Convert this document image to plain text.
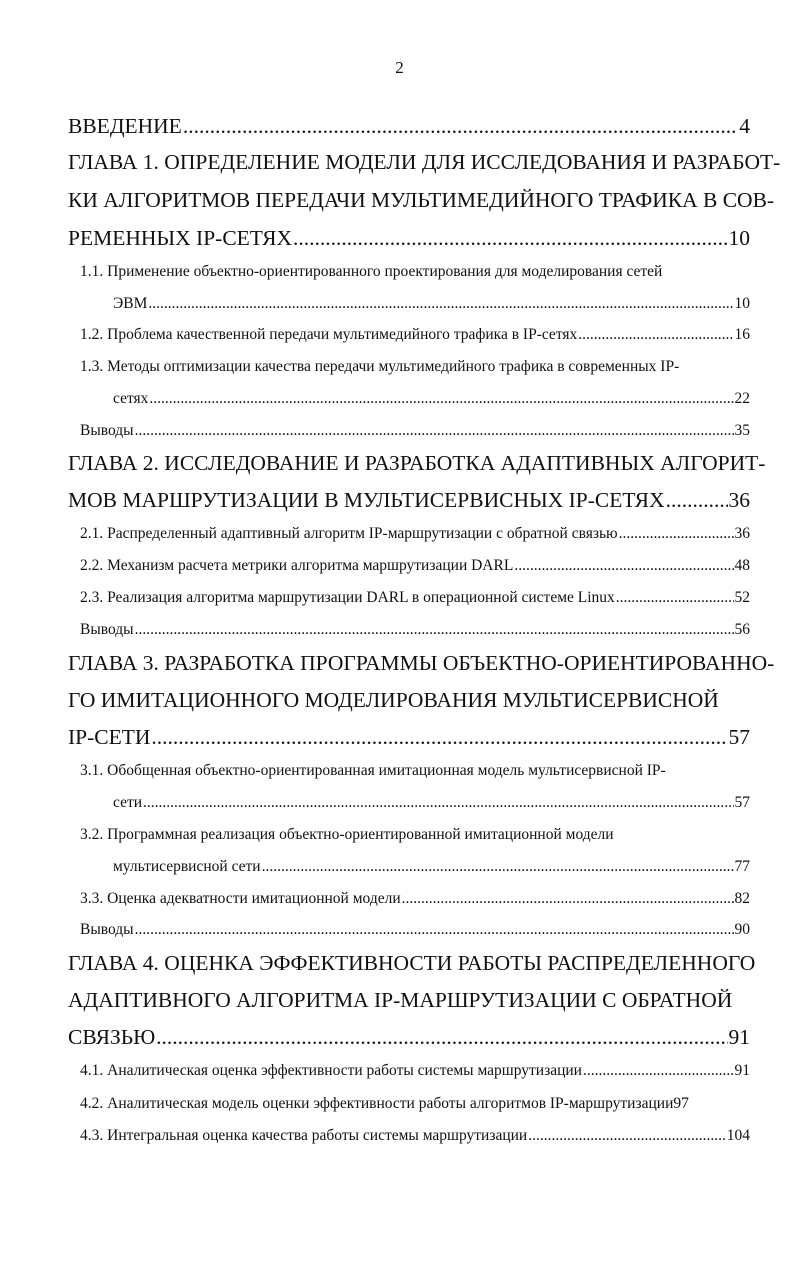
2
ВВЕДЕНИЕ .....	4
ГЛАВА 1. ОПРЕДЕЛЕНИЕ МОДЕЛИ ДЛЯ ИССЛЕДОВАНИЯ И РАЗРАБОТ-
КИ АЛГОРИТМОВ ПЕРЕДАЧИ МУЛЬТИМЕДИЙНОГО ТРАФИКА В СОВ-
РЕМЕННЫХ IP-СЕТЯХ .....	10
1.1. Применение объектно-ориентированного проектирования для моделирования сетей
ЭВМ .....	10
1.2. Проблема качественной передачи мультимедийного трафика в IP-сетях .....	16
1.3. Методы оптимизации качества передачи мультимедийного трафика в современных IP-
сетях .....	22
Выводы .....	35
ГЛАВА 2. ИССЛЕДОВАНИЕ И РАЗРАБОТКА АДАПТИВНЫХ АЛГОРИТ-
МОВ МАРШРУТИЗАЦИИ В МУЛЬТИСЕРВИСНЫХ IP-СЕТЯХ .....	36
2.1. Распределенный адаптивный алгоритм IP-маршрутизации с обратной связью .....	36
2.2. Механизм расчета метрики алгоритма маршрутизации DARL .....	48
2.3. Реализация алгоритма маршрутизации DARL в операционной системе Linux .....	52
Выводы .....	56
ГЛАВА 3. РАЗРАБОТКА ПРОГРАММЫ ОБЪЕКТНО-ОРИЕНТИРОВАННО-
ГО ИМИТАЦИОННОГО МОДЕЛИРОВАНИЯ МУЛЬТИСЕРВИСНОЙ
IP-СЕТИ .....	57
3.1. Обобщенная объектно-ориентированная имитационная модель мультисервисной IP-
сети .....	57
3.2. Программная реализация объектно-ориентированной имитационной модели
мультисервисной сети .....	77
3.3. Оценка адекватности имитационной модели .....	82
Выводы .....	90
ГЛАВА 4. ОЦЕНКА ЭФФЕКТИВНОСТИ РАБОТЫ РАСПРЕДЕЛЕННОГО
АДАПТИВНОГО АЛГОРИТМА IP-МАРШРУТИЗАЦИИ С ОБРАТНОЙ
СВЯЗЬЮ .....	91
4.1. Аналитическая оценка эффективности работы системы маршрутизации .....	91
4.2. Аналитическая модель оценки эффективности работы алгоритмов IP-маршрутизации 97
4.3. Интегральная оценка качества работы системы маршрутизации .....	104
